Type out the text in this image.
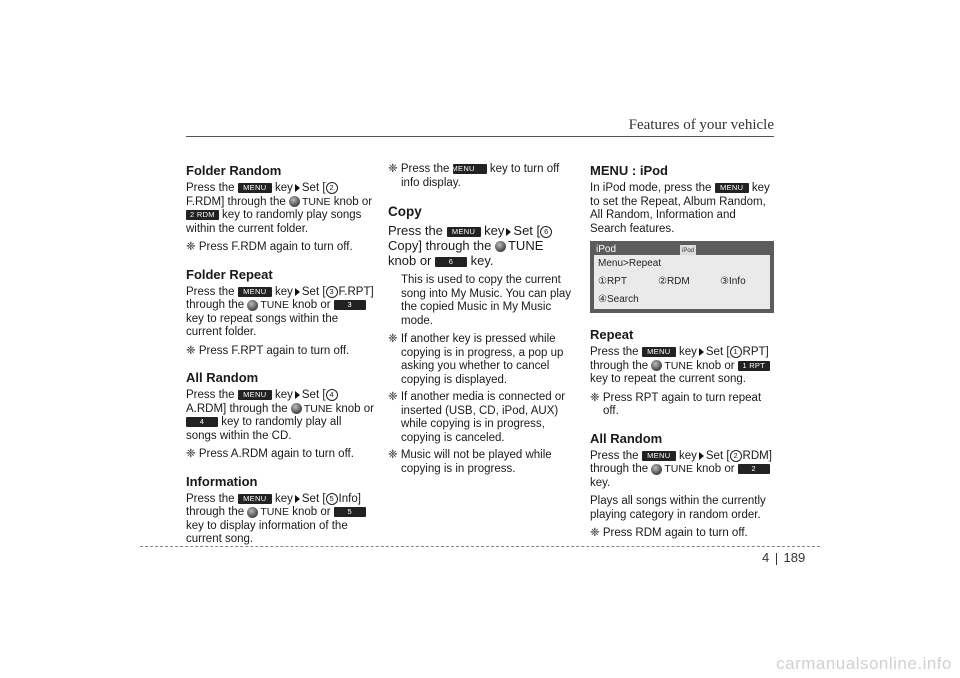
Features of your vehicle
Folder Random

Press the MENU key Set [ 2F.RDM] through the TUNE knob or 2 RDM key to randomly play songs within the current folder.

❈ Press F.RDM again to turn off.
Folder Repeat

Press the MENU key Set [ 3 F.RPT] through the TUNE knob or 3 key to repeat songs within the current folder.

❈ Press F.RPT again to turn off.
All Random

Press the MENU key Set [ 4A.RDM] through the TUNE knob or 4 key to randomly play all songs within the CD.

❈ Press A.RDM again to turn off.
Information

Press the MENU key Set [ 5 Info] through the TUNE knob or 5 key to display information of the current song.

❈ Press the MENU key to turn off info display.
Copy
Press the MENU key Set [ 6 Copy] through the TUNE knob or 6 key.

This is used to copy the current song into My Music. You can play the copied Music in My Music mode.

❈ If another key is pressed while copying is in progress, a pop up asking you whether to cancel copying is displayed.
❈ If another media is connected or inserted (USB, CD, iPod, AUX) while copying is in progress, copying is canceled.
❈ Music will not be played while copying is in progress.
MENU : iPod

In iPod mode, press the MENU key to set the Repeat, Album Random, All Random, Information and Search features.

iPod	iPod
Menu>Repeat
①RPT	②RDM	③Info
④Search
Repeat

Press the MENU key Set [ 1 RPT] through the TUNE knob or 1 RPT key to repeat the current song.

❈ Press RPT again to turn repeat off.
All Random

Press the MENU key Set [ 2 RDM] through the TUNE knob or 2 key.

Plays all songs within the currently playing category in random order.

❈ Press RDM again to turn off.
4 189
carmanualsonline.info
